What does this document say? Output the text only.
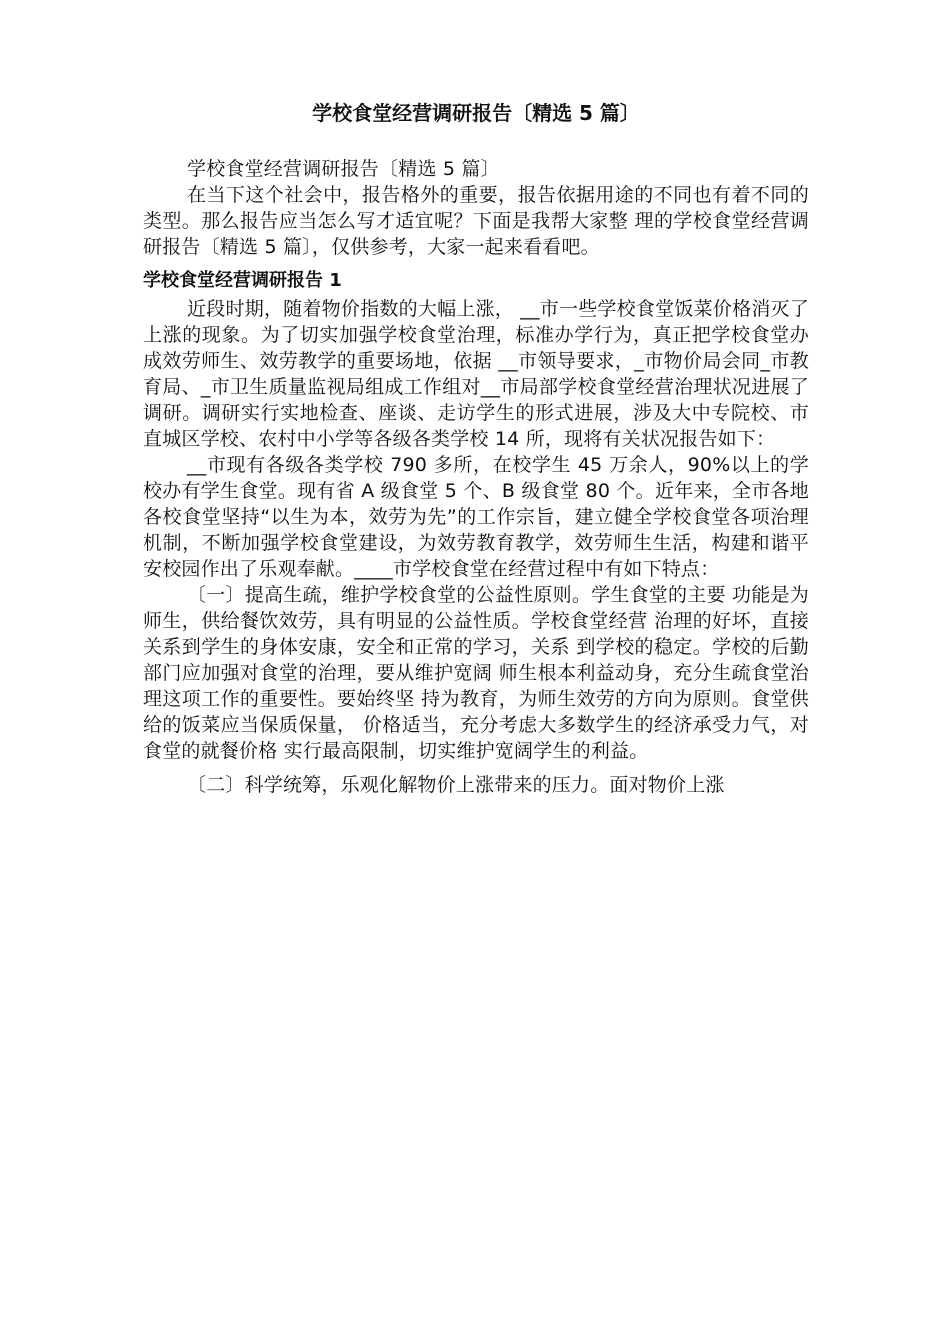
学校食堂经营调研报告〔精选 5 篇〕

学校食堂经营调研报告〔精选 5 篇〕

在当下这个社会中，报告格外的重要，报告依据用途的不同也有着不同的类型。那么报告应当怎么写才适宜呢？下面是我帮大家整 理的学校食堂经营调研报告〔精选 5 篇〕，仅供参考，大家一起来看看吧。

学校食堂经营调研报告 1

近段时期，随着物价指数的大幅上涨， __市一些学校食堂饭菜价格消灭了上涨的现象。为了切实加强学校食堂治理，标准办学行为，真正把学校食堂办成效劳师生、效劳教学的重要场地，依据 __市领导要求，_市物价局会同_市教育局、_市卫生质量监视局组成工作组对__市局部学校食堂经营治理状况进展了调研。调研实行实地检查、座谈、走访学生的形式进展，涉及大中专院校、市直城区学校、农村中小学等各级各类学校 14 所，现将有关状况报告如下：

__市现有各级各类学校 790 多所，在校学生 45 万余人，90%以上的学校办有学生食堂。现有省 A 级食堂 5 个、B 级食堂 80 个。近年来，全市各地各校食堂坚持“以生为本，效劳为先”的工作宗旨，建立健全学校食堂各项治理机制，不断加强学校食堂建设，为效劳教育教学，效劳师生生活，构建和谐平安校园作出了乐观奉献。____市学校食堂在经营过程中有如下特点：

〔一〕提高生疏，维护学校食堂的公益性原则。学生食堂的主要 功能是为师生，供给餐饮效劳，具有明显的公益性质。学校食堂经营 治理的好坏，直接关系到学生的身体安康，安全和正常的学习，关系 到学校的稳定。学校的后勤部门应加强对食堂的治理，要从维护宽阔 师生根本利益动身，充分生疏食堂治理这项工作的重要性。要始终坚 持为教育，为师生效劳的方向为原则。食堂供给的饭菜应当保质保量， 价格适当，充分考虑大多数学生的经济承受力气，对食堂的就餐价格 实行最高限制，切实维护宽阔学生的利益。

〔二〕科学统筹，乐观化解物价上涨带来的压力。面对物价上涨
